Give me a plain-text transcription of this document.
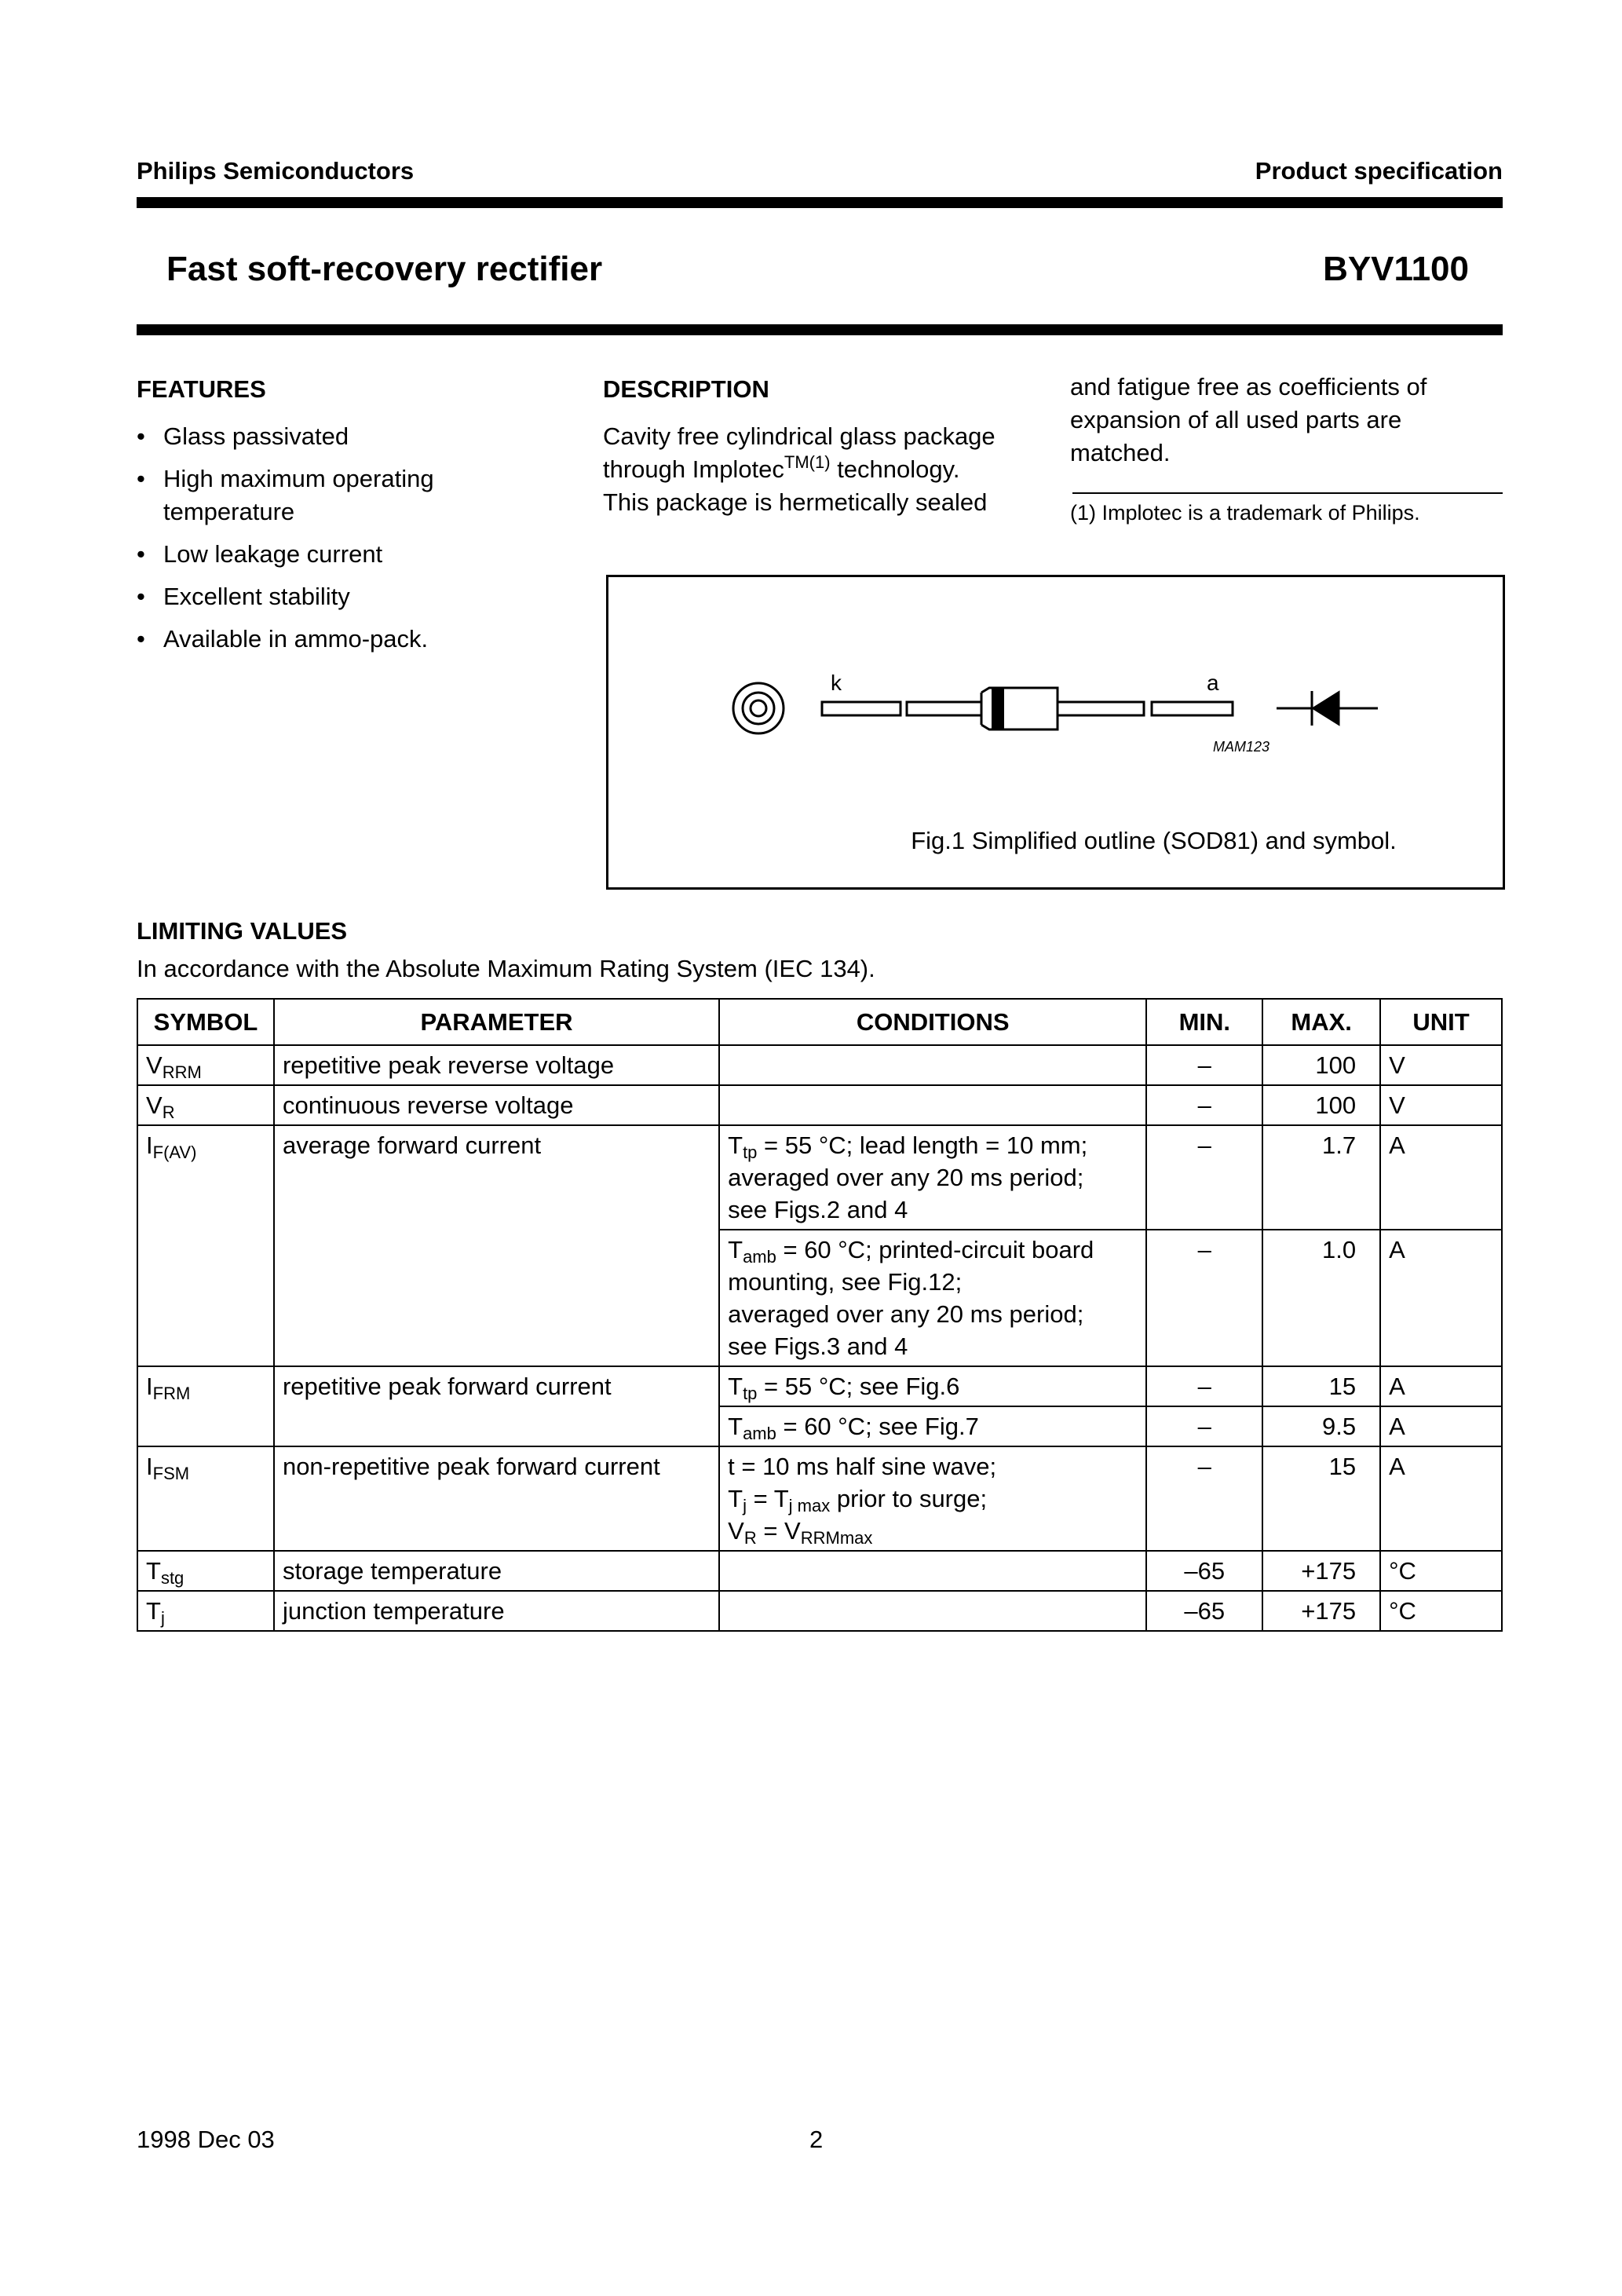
Philips Semiconductors	Product specification
Fast soft-recovery rectifier	BYV1100
FEATURES
• Glass passivated
• High maximum operating temperature
• Low leakage current
• Excellent stability
• Available in ammo-pack.
DESCRIPTION
Cavity free cylindrical glass package
through Implotec$^{TM(1)}$ technology.
This package is hermetically sealed
and fatigue free as coefficients of expansion of all used parts are matched.
(1) Implotec is a trademark of Philips.
k	a
MAM123
Fig.1 Simplified outline (SOD81) and symbol.
LIMITING VALUES
In accordance with the Absolute Maximum Rating System (IEC 134).
SYMBOL	PARAMETER	CONDITIONS	MIN.	MAX.	UNIT
$V_{RRM}$	repetitive peak reverse voltage		–	100	V
$V_R$	continuous reverse voltage		–	100	V
$I_{F(AV)}$	average forward current	$T_{tp} = 55$ °C; lead length = 10 mm;
averaged over any 20 ms period;
see Figs.2 and 4	–	1.7	A

		$T_{amb} = 60$ °C; printed-circuit board
mounting, see Fig.12;
averaged over any 20 ms period;
see Figs.3 and 4	–	1.0	A
$I_{FRM}$	repetitive peak forward current	$T_{tp} = 55$ °C; see Fig.6	–	15	A
		$T_{amb} = 60$ °C; see Fig.7	–	9.5	A
$I_{FSM}$	non-repetitive peak forward current	t = 10 ms half sine wave;
$T_j = T_{j max}$ prior to surge;
$V_R = V_{RRMmax}$	–	15	A
$T_{stg}$	storage temperature		–65	+175	°C
$T_j$	junction temperature		–65	+175	°C
1998 Dec 03	2
